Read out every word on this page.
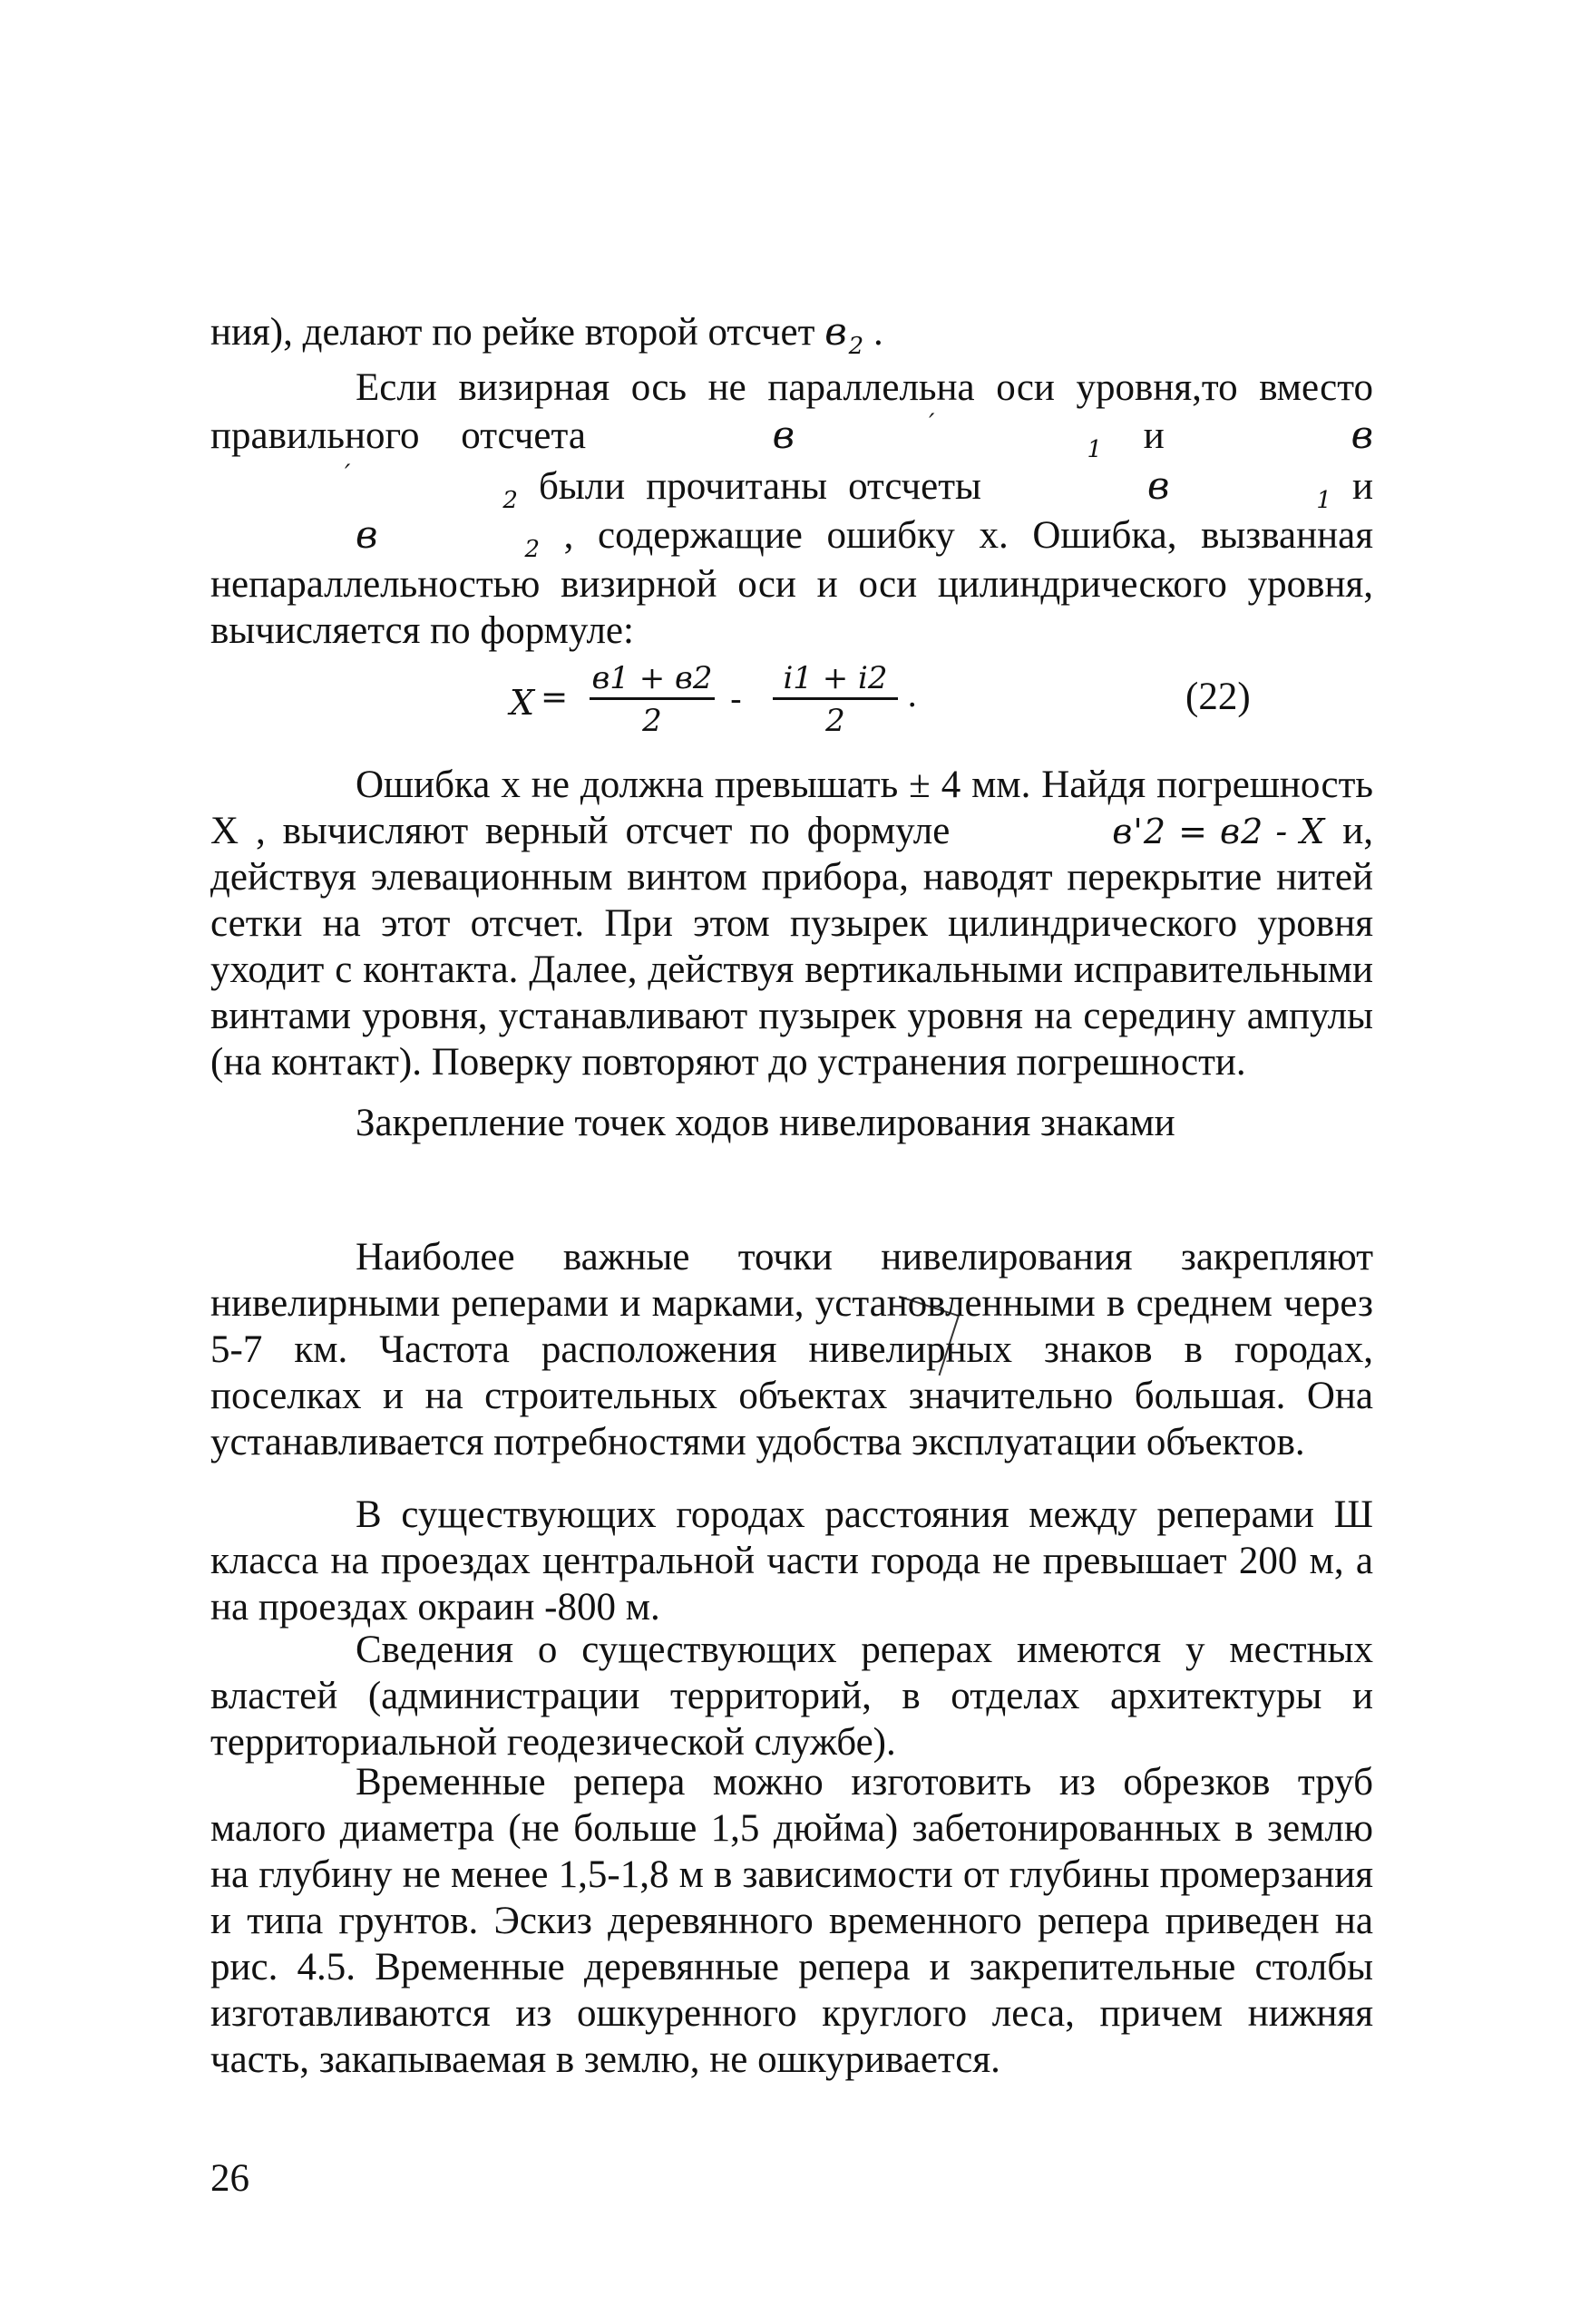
ния), делают по рейке второй отсчет в2 .
Если визирная ось не параллельна оси уровня,то вместо правильного отсчета	в	′1 и	в′2 были прочитаны отсчеты	в	1 и в	2 , содержащие ошибку х. Ошибка, вызванная непараллельностью визирной оси и оси цилиндрического уровня, вычисляется по формуле:
X =
в1 + в2
2
-
i1 + i2
2
.	(22)
Ошибка х не должна превышать ± 4 мм. Найдя погрешность Х , вычисляют верный отсчет по формуле	в'2 = в2 - X и, действуя элевационным винтом прибора, наводят перекрытие нитей сетки на этот отсчет. При этом пузырек цилиндрического уровня уходит с контакта. Далее, действуя вертикальными исправительными винтами уровня, устанавливают пузырек уровня на середину ампулы (на контакт). Поверку повторяют до устранения погрешности.
Закрепление точек ходов нивелирования знаками
Наиболее важные точки нивелирования закрепляют нивелирными реперами и марками, установленными в среднем через 5-7 км. Частота расположения нивелирных знаков в городах, поселках и на строительных объектах значительно большая. Она устанавливается потребностями удобства эксплуатации объектов.
В существующих городах расстояния между реперами Ш класса на проездах центральной части города не превышает 200 м, а на проездах окраин -800 м.
Сведения о существующих реперах имеются у местных властей (администрации территорий, в отделах архитектуры и территориальной геодезической службе).
Временные репера можно изготовить из обрезков труб малого диаметра (не больше 1,5 дюйма) забетонированных в землю на глубину не менее 1,5-1,8 м в зависимости от глубины промерзания и типа грунтов. Эскиз деревянного временного репера приведен на рис. 4.5. Временные деревянные репера и закрепительные столбы изготавливаются из ошкуренного круглого леса, причем нижняя часть, закапываемая в землю, не ошкуривается.
26
